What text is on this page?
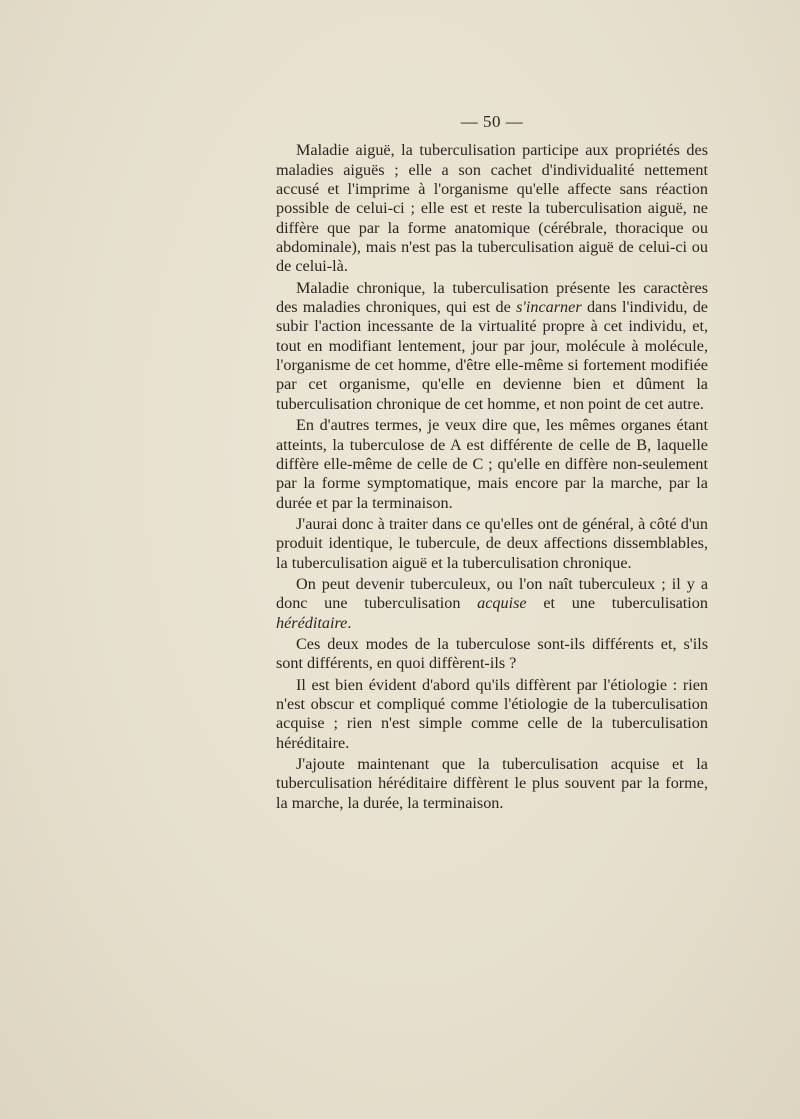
— 50 —

Maladie aiguë, la tuberculisation participe aux propriétés des maladies aiguës ; elle a son cachet d'individualité nettement accusé et l'imprime à l'organisme qu'elle affecte sans réaction possible de celui-ci ; elle est et reste la tuberculisation aiguë, ne diffère que par la forme anatomique (cérébrale, thoracique ou abdominale), mais n'est pas la tuberculisation aiguë de celui-ci ou de celui-là.

Maladie chronique, la tuberculisation présente les caractères des maladies chroniques, qui est de s'incarner dans l'individu, de subir l'action incessante de la virtualité propre à cet individu, et, tout en modifiant lentement, jour par jour, molécule à molécule, l'organisme de cet homme, d'être elle-même si fortement modifiée par cet organisme, qu'elle en devienne bien et dûment la tuberculisation chronique de cet homme, et non point de cet autre.

En d'autres termes, je veux dire que, les mêmes organes étant atteints, la tuberculose de A est différente de celle de B, laquelle diffère elle-même de celle de C ; qu'elle en diffère non-seulement par la forme symptomatique, mais encore par la marche, par la durée et par la terminaison.

J'aurai donc à traiter dans ce qu'elles ont de général, à côté d'un produit identique, le tubercule, de deux affections dissemblables, la tuberculisation aiguë et la tuberculisation chronique.

On peut devenir tuberculeux, ou l'on naît tuberculeux ; il y a donc une tuberculisation acquise et une tuberculisation héréditaire.

Ces deux modes de la tuberculose sont-ils différents et, s'ils sont différents, en quoi diffèrent-ils ?

Il est bien évident d'abord qu'ils diffèrent par l'étiologie : rien n'est obscur et compliqué comme l'étiologie de la tuberculisation acquise ; rien n'est simple comme celle de la tuberculisation héréditaire.

J'ajoute maintenant que la tuberculisation acquise et la tuberculisation héréditaire diffèrent le plus souvent par la forme, la marche, la durée, la terminaison.
